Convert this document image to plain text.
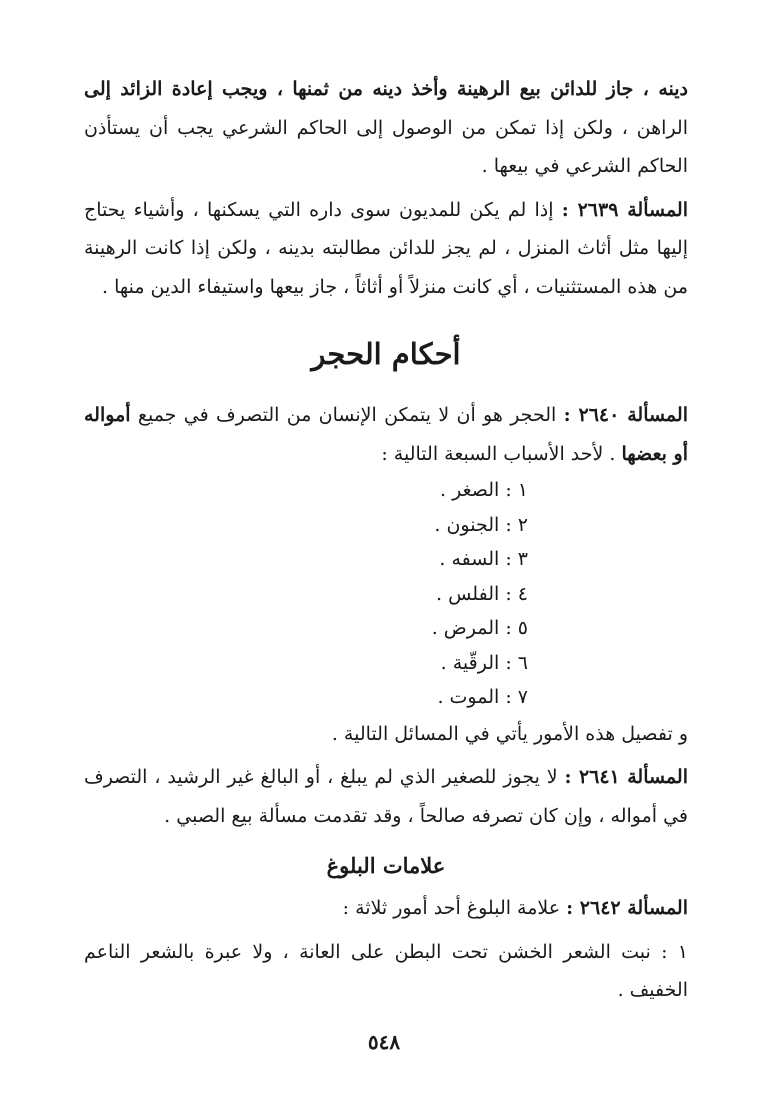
دينه ، جاز للدائن بيع الرهينة وأخذ دينه من ثمنها ، ويجب إعادة الزائد إلى الراهن ، ولكن إذا تمكن من الوصول إلى الحاكم الشرعي يجب أن يستأذن الحاكم الشرعي في بيعها .

المسألة ٢٦٣٩ : إذا لم يكن للمديون سوى داره التي يسكنها ، وأشياء يحتاج إليها مثل أثاث المنزل ، لم يجز للدائن مطالبته بدينه ، ولكن إذا كانت الرهينة من هذه المستثنيات ، أي كانت منزلاً أو أثاثاً ، جاز بيعها واستيفاء الدين منها .

أحكام الحجر

المسألة ٢٦٤٠ : الحجر هو أن لا يتمكن الإنسان من التصرف في جميع أمواله أو بعضها . لأحد الأسباب السبعة التالية :

١ : الصغر .
٢ : الجنون .
٣ : السفه .
٤ : الفلس .
٥ : المرض .
٦ : الرقّية .
٧ : الموت .

و تفصيل هذه الأمور يأتي في المسائل التالية .

المسألة ٢٦٤١ : لا يجوز للصغير الذي لم يبلغ ، أو البالغ غير الرشيد ، التصرف في أمواله ، وإن كان تصرفه صالحاً ، وقد تقدمت مسألة بيع الصبي .

علامات البلوغ

المسألة ٢٦٤٢ : علامة البلوغ أحد أمور ثلاثة :

١ : نبت الشعر الخشن تحت البطن على العانة ، ولا عبرة بالشعر الناعم الخفيف .

٥٤٨
